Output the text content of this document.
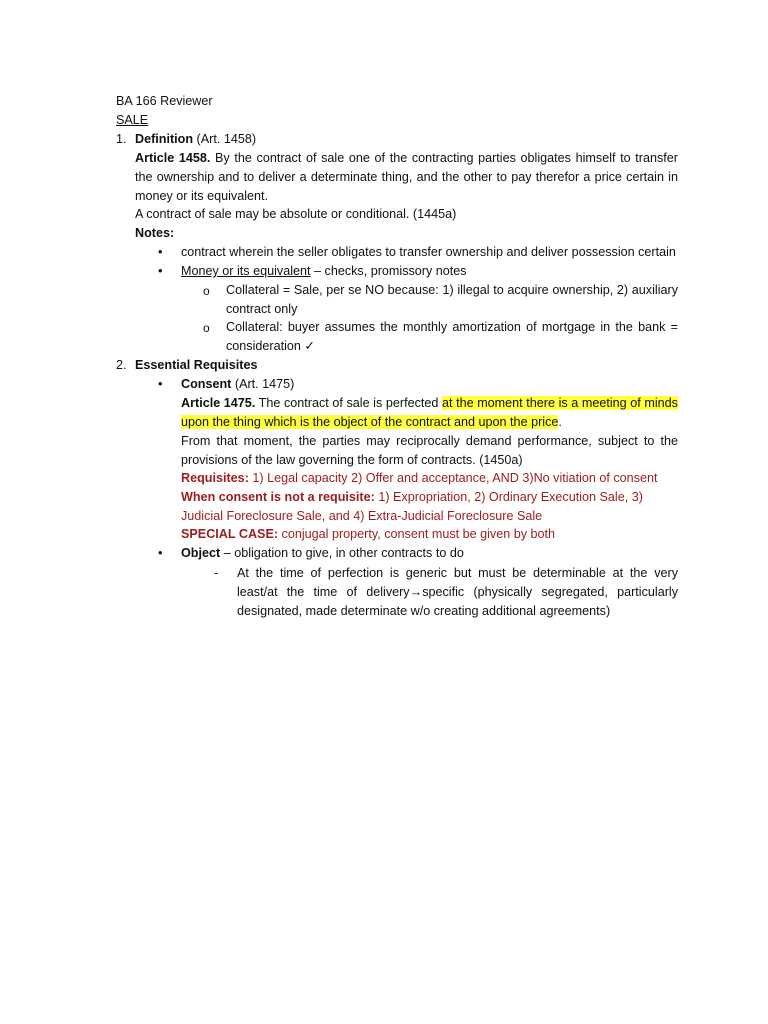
BA 166 Reviewer
SALE
1. Definition (Art. 1458)
Article 1458. By the contract of sale one of the contracting parties obligates himself to transfer the ownership and to deliver a determinate thing, and the other to pay therefor a price certain in money or its equivalent.
A contract of sale may be absolute or conditional. (1445a)
Notes:
• contract wherein the seller obligates to transfer ownership and deliver possession certain
• Money or its equivalent – checks, promissory notes
o Collateral = Sale, per se NO because: 1) illegal to acquire ownership, 2) auxiliary contract only
o Collateral: buyer assumes the monthly amortization of mortgage in the bank = consideration ✓
2. Essential Requisites
• Consent (Art. 1475)
Article 1475. The contract of sale is perfected at the moment there is a meeting of minds upon the thing which is the object of the contract and upon the price.
From that moment, the parties may reciprocally demand performance, subject to the provisions of the law governing the form of contracts. (1450a)
Requisites: 1) Legal capacity 2) Offer and acceptance, AND 3)No vitiation of consent
When consent is not a requisite: 1) Expropriation, 2) Ordinary Execution Sale, 3) Judicial Foreclosure Sale, and 4) Extra-Judicial Foreclosure Sale
SPECIAL CASE: conjugal property, consent must be given by both
• Object – obligation to give, in other contracts to do
- At the time of perfection is generic but must be determinable at the very least/at the time of delivery→specific (physically segregated, particularly designated, made determinate w/o creating additional agreements)
